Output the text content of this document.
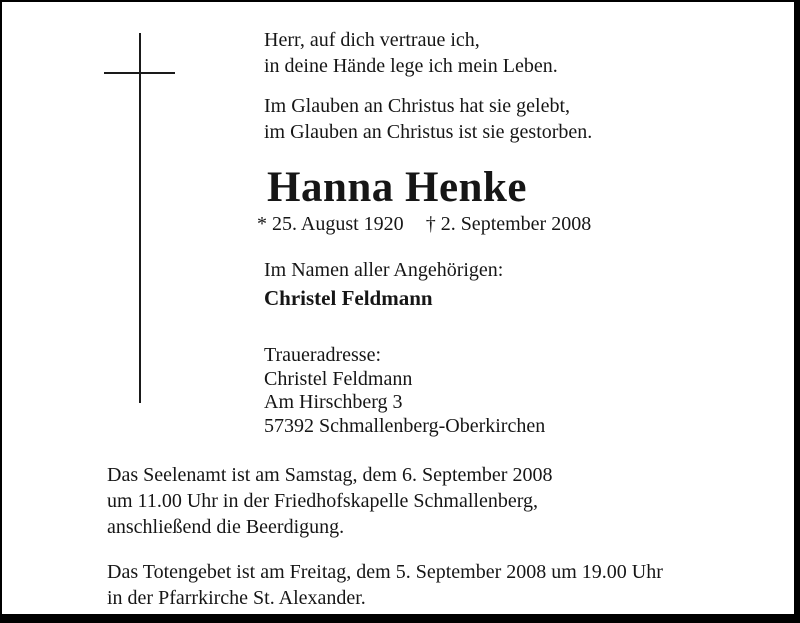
Herr, auf dich vertraue ich,
in deine Hände lege ich mein Leben.
Im Glauben an Christus hat sie gelebt,
im Glauben an Christus ist sie gestorben.
Hanna Henke
* 25. August 1920 † 2. September 2008
Im Namen aller Angehörigen:
Christel Feldmann
Traueradresse:
Christel Feldmann
Am Hirschberg 3
57392 Schmallenberg-Oberkirchen
Das Seelenamt ist am Samstag, dem 6. September 2008
um 11.00 Uhr in der Friedhofskapelle Schmallenberg,
anschließend die Beerdigung.
Das Totengebet ist am Freitag, dem 5. September 2008 um 19.00 Uhr
in der Pfarrkirche St. Alexander.
